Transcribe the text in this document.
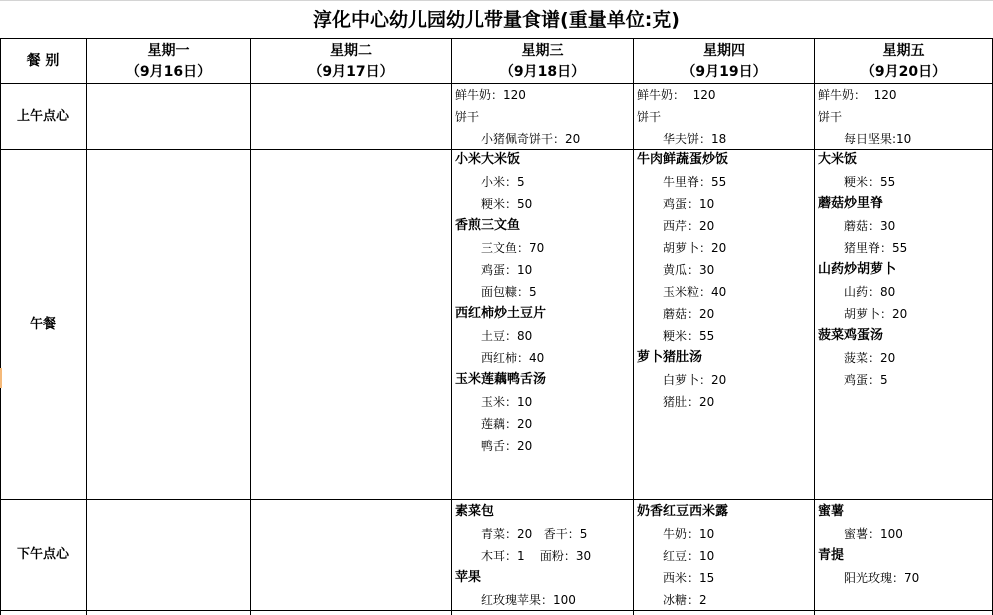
淳化中心幼儿园幼儿带量食谱(重量单位:克)
餐 别
星期一
（9月16日）
星期二
（9月17日）
星期三
（9月18日）
星期四
（9月19日）
星期五
（9月20日）
上午点心
午餐
下午点心
鲜牛奶：120
饼干
小猪佩奇饼干：20
鲜牛奶：  120
饼干
华夫饼：18
鲜牛奶：  120
饼干
每日坚果:10
小米大米饭
小米：5
粳米：50
香煎三文鱼
三文鱼：70
鸡蛋：10
面包糠：5
西红柿炒土豆片
土豆：80
西红柿：40
玉米莲藕鸭舌汤
玉米：10
莲藕：20
鸭舌：20
牛肉鲜蔬蛋炒饭
牛里脊：55
鸡蛋：10
西芹：20
胡萝卜：20
黄瓜：30
玉米粒：40
蘑菇：20
粳米：55
萝卜猪肚汤
白萝卜：20
猪肚：20
大米饭
粳米：55
蘑菇炒里脊
蘑菇：30
猪里脊：55
山药炒胡萝卜
山药：80
胡萝卜：20
菠菜鸡蛋汤
菠菜：20
鸡蛋：5
素菜包
青菜：20   香干：5
木耳：1    面粉：30
苹果
红玫瑰苹果：100
奶香红豆西米露
牛奶：10
红豆：10
西米：15
冰糖：2
蜜薯
蜜薯：100
青提
阳光玫瑰：70
